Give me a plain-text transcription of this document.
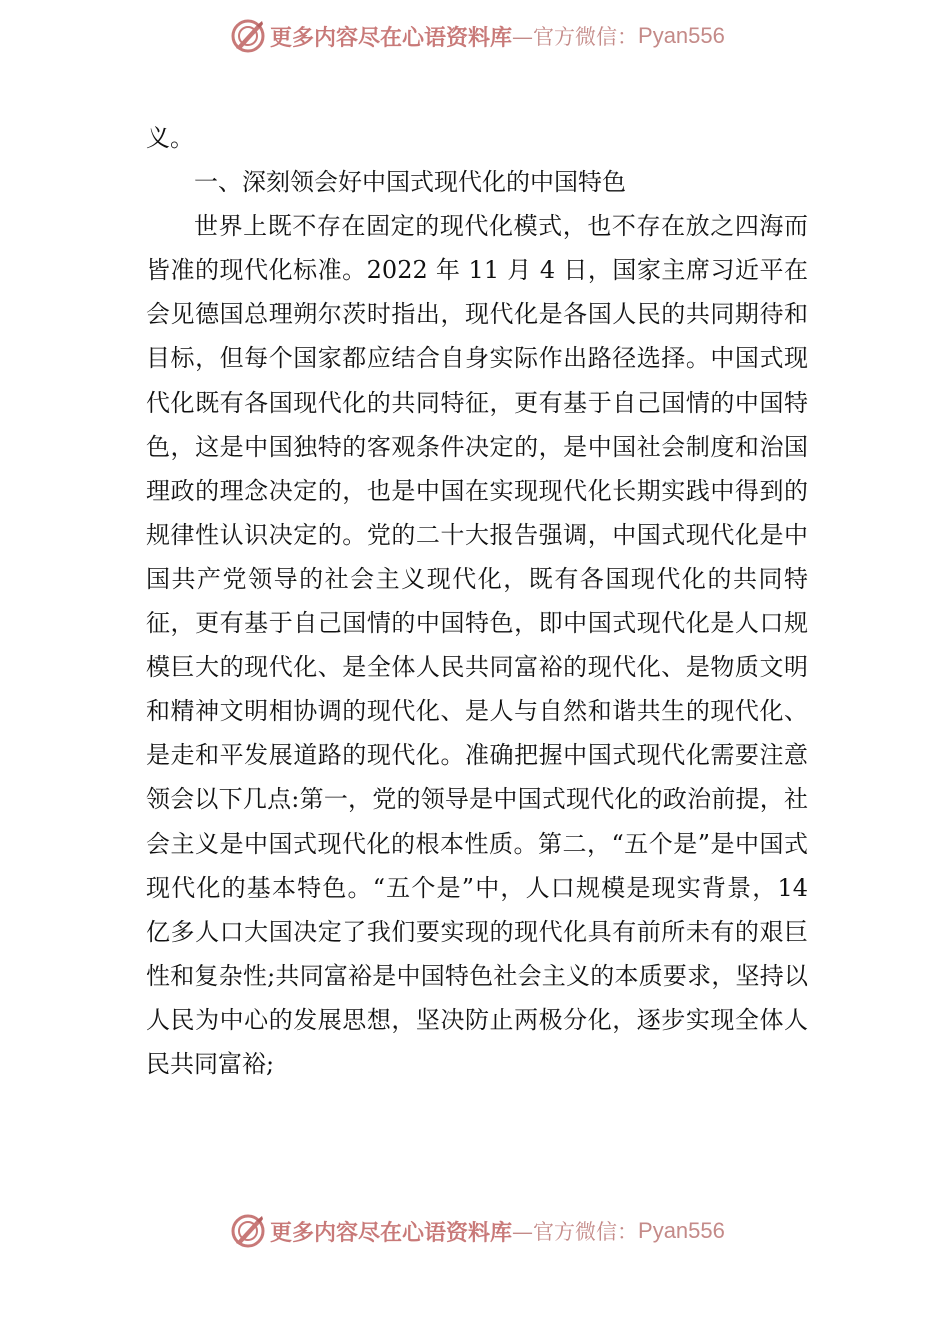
更多内容尽在心语资料库 —官方微信： Pyan556

义。

一、深刻领会好中国式现代化的中国特色

世界上既不存在固定的现代化模式，也不存在放之四海而皆准的现代化标准。2022 年 11 月 4 日，国家主席习近平在会见德国总理朔尔茨时指出，现代化是各国人民的共同期待和目标，但每个国家都应结合自身实际作出路径选择。中国式现代化既有各国现代化的共同特征，更有基于自己国情的中国特色，这是中国独特的客观条件决定的，是中国社会制度和治国理政的理念决定的，也是中国在实现现代化长期实践中得到的规律性认识决定的。党的二十大报告强调，中国式现代化是中国共产党领导的社会主义现代化，既有各国现代化的共同特征，更有基于自己国情的中国特色，即中国式现代化是人口规模巨大的现代化、是全体人民共同富裕的现代化、是物质文明和精神文明相协调的现代化、是人与自然和谐共生的现代化、是走和平发展道路的现代化。准确把握中国式现代化需要注意领会以下几点:第一，党的领导是中国式现代化的政治前提，社会主义是中国式现代化的根本性质。第二，“五个是”是中国式现代化的基本特色。“五个是”中，人口规模是现实背景，14 亿多人口大国决定了我们要实现的现代化具有前所未有的艰巨性和复杂性;共同富裕是中国特色社会主义的本质要求，坚持以人民为中心的发展思想，坚决防止两极分化，逐步实现全体人民共同富裕;

更多内容尽在心语资料库 —官方微信： Pyan556
